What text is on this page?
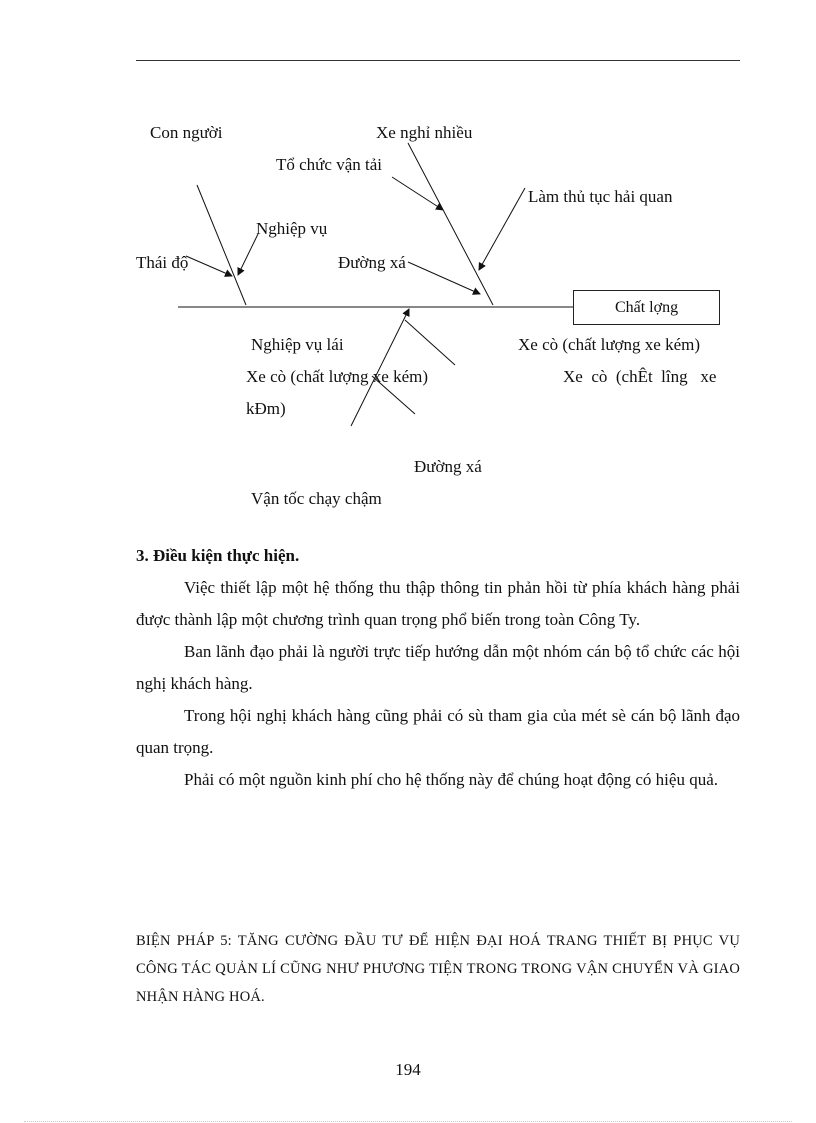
Con người	Xe nghỉ nhiều
Tổ chức vận tải
Làm thủ tục hải quan
Nghiệp vụ
Thái độ	Đường xá
Chất lợng
Nghiệp vụ lái	Xe cò (chất lượng xe kém)
Xe cò (chất lượng xe kém)	Xe  cò  (chÊt  lîng   xe
kĐm)
Đường xá
Vận tốc chạy chậm
3. Điều kiện thực hiện.

Việc thiết lập một hệ thống thu thập thông tin phản hồi từ phía khách hàng phải được thành lập một chương trình quan trọng phổ biến trong toàn Công Ty.

Ban lãnh đạo phải là người trực tiếp hướng dẫn một nhóm cán bộ tổ chức các hội nghị khách hàng.

Trong hội nghị khách hàng cũng phải có sù tham gia của mét sè cán bộ lãnh đạo quan trọng.

Phải có một nguồn kinh phí cho hệ thống này để chúng hoạt động có hiệu quả.

BIỆN PHÁP 5: TĂNG CƯỜNG ĐẦU TƯ ĐỂ HIỆN ĐẠI HOÁ TRANG THIẾT BỊ PHỤC VỤ CÔNG TÁC QUẢN LÍ CŨNG NHƯ PHƯƠNG TIỆN TRONG TRONG VẬN CHUYỂN VÀ GIAO NHẬN HÀNG HOÁ.
194
